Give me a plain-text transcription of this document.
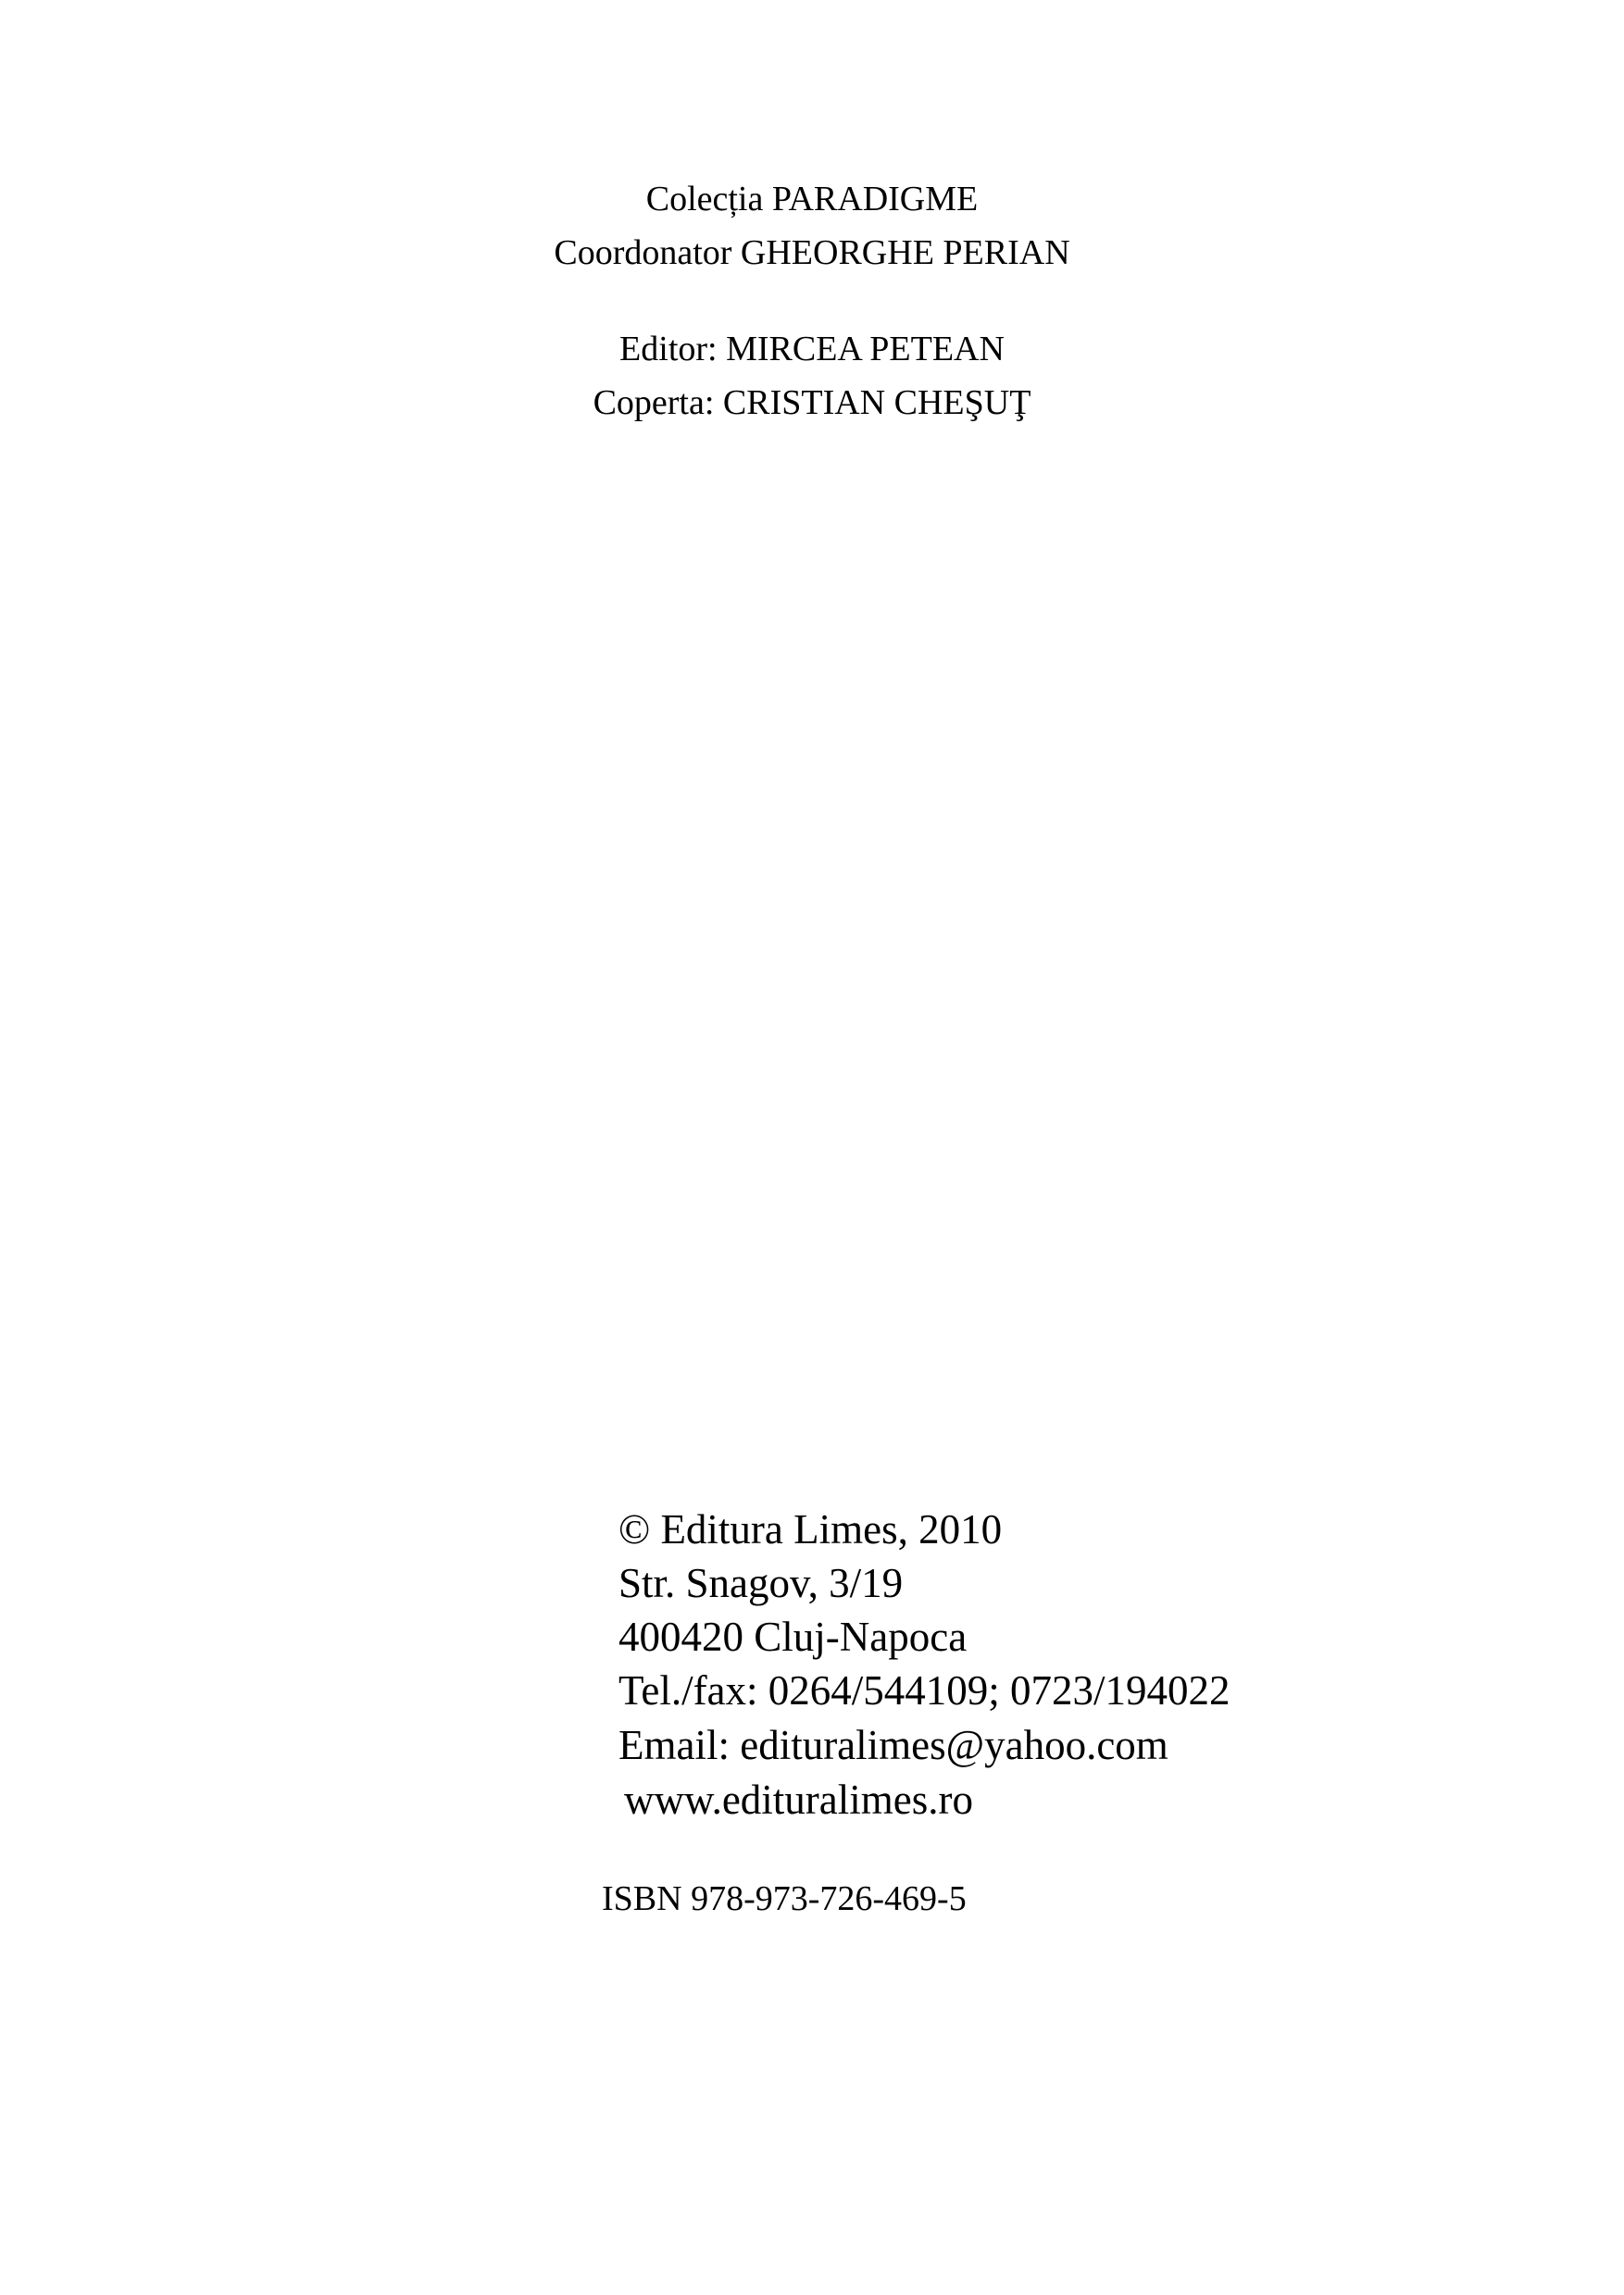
Colecția PARADIGME
Coordonator GHEORGHE PERIAN
Editor: MIRCEA PETEAN
Coperta: CRISTIAN CHEŞUŢ
© Editura Limes, 2010
Str. Snagov, 3/19
400420 Cluj-Napoca
Tel./fax: 0264/544109; 0723/194022
Email: edituralimes@yahoo.com
www.edituralimes.ro
ISBN 978-973-726-469-5
